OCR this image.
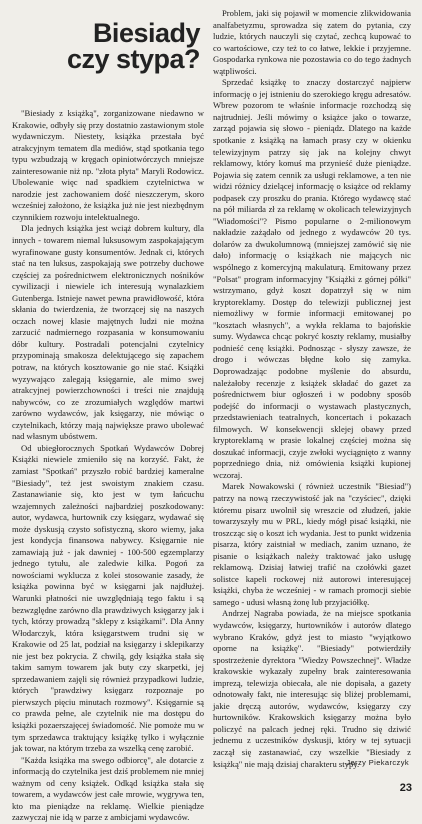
Biesiady
czy stypa?

"Biesiady z książką", zorganizowane niedawno w Krakowie, odbyły się przy dostatnio zastawionym stole wydawniczym. Niestety, książka przestała być atrakcyjnym tematem dla mediów, stąd spotkania tego typu wzbudzają w kręgach opiniotwórczych mniejsze zainteresowanie niż np. "złota płyta" Maryli Rodowicz. Ubolewanie więc nad spadkiem czytelnictwa w narodzie jest zachowaniem dość nieszczerym, skoro wcześniej założono, że książka już nie jest niezbędnym czynnikiem rozwoju intelektualnego.

Dla jednych książka jest wciąż dobrem kultury, dla innych - towarem niemal luksusowym zaspokajającym wyrafinowane gusty konsumentów. Jednak ci, których stać na ten luksus, zaspokajają swe potrzeby duchowe częściej za pośrednictwem elektronicznych nośników cywilizacji i niewiele ich interesują wynalazkiem Gutenberga. Istnieje nawet pewna prawidłowość, która skłania do twierdzenia, że tworzącej się na naszych oczach nowej klasie majętnych ludzi nie można zarzucić nadmiernego rozpasania w konsumowaniu dóbr kultury. Postradali potencjalni czytelnicy przypominają smakosza delektującego się zapachem potraw, na których kosztowanie go nie stać. Książki wyzywająco zalegają księgarnie, ale mimo swej atrakcyjnej powierzchowności i treści nie znajdują nabywców, co ze zrozumiałych względów martwi zarówno wydawców, jak księgarzy, nie mówiąc o czytelnikach, którzy mają największe prawo ubolewać nad własnym ubóstwem.

Od ubiegłorocznych Spotkań Wydawców Dobrej Książki niewiele zmieniło się na korzyść. Fakt, że zamiast "Spotkań" przyszło robić bardziej kameralne "Biesiady", też jest swoistym znakiem czasu. Zastanawianie się, kto jest w tym łańcuchu wzajemnych zależności najbardziej poszkodowany: autor, wydawca, hurtownik czy księgarz, wydawać się może dyskusją czysto sofistyczną, skoro wiemy, jaka jest kondycja finansowa nabywcy. Księgarnie nie zamawiają już - jak dawniej - 100-500 egzemplarzy jednego tytułu, ale zaledwie kilka. Pogoń za nowościami wyklucza z kolei stosowanie zasady, że książka powinna być w księgarni jak najdłużej. Warunki płatności nie uwzględniają tego faktu i są bezwzględne zarówno dla prawdziwych księgarzy jak i tych, którzy prowadzą "sklepy z książkami". Dla Anny Włodarczyk, która księgarstwem trudni się w Krakowie od 25 lat, podział na księgarzy i sklepikarzy nie jest bez pokrycia. Z chwilą, gdy książka stała się takim samym towarem jak buty czy skarpetki, jej sprzedawaniem zajęli się również przypadkowi ludzie, których "prawdziwy księgarz rozpoznaje po pierwszych pięciu minutach rozmowy". Księgarnie są co prawda pełne, ale czytelnik nie ma dostępu do książki pozaerszajęcej świadomość. Nie pomoże mu w tym sprzedawca traktujący książkę tylko i wyłącznie jak towar, na którym trzeba za wszelką cenę zarobić.

"Każda książka ma swego odbiorcę", ale dotarcie z informacją do czytelnika jest dziś problemem nie mniej ważnym od ceny książek. Odkąd książka stała się towarem, a wydawców jest całe mrowie, wygrywa ten, kto ma pieniądze na reklamę. Wielkie pieniądze zazwyczaj nie idą w parze z ambicjami wydawców.

Problem, jaki się pojawił w momencie zlikwidowania analfabetyzmu, sprowadza się zatem do pytania, czy ludzie, których nauczyli się czytać, zechcą kupować to co wartościowe, czy też to co łatwe, lekkie i przyjemne. Gospodarka rynkowa nie pozostawia co do tego żadnych wątpliwości.

Sprzedać książkę to znaczy dostarczyć najpierw informację o jej istnieniu do szerokiego kręgu adresatów. Wbrew pozorom te właśnie informacje rozchodzą się najtrudniej. Jeśli mówimy o książce jako o towarze, zarząd pojawia się słowo - pieniądz. Dlatego na każde spotkanie z książką na łamach prasy czy w okienku telewizyjnym patrzy się jak na kolejny chwyt reklamowy, który komuś ma przynieść duże pieniądze. Pojawia się zatem cennik za usługi reklamowe, a ten nie widzi różnicy dzielącej informację o książce od reklamy podpasek czy proszku do prania. Którego wydawcę stać na pół miliarda zł za reklamę w okolicach telewizyjnych "Wiadomości"? Pismo popularne o 2-milionowym nakładzie zażądało od jednego z wydawców 20 tys. dolarów za dwukolumnową (mniejszej zamówić się nie dało) informację o książkach nie mających nic wspólnego z komercyjną makulaturą. Emitowany przez "Polsat" program informacyjny "Książki z górnej półki" wstrzymano, gdyż koszt dopatrzył się w nim kryptoreklamy. Dostęp do telewizji publicznej jest niemożliwy w formie informacji emitowanej po "kosztach własnych", a wykła reklama to bajońskie sumy. Wydawca chcąc pokryć koszty reklamy, musiałby podnieść cenę książki. Podnosząc - słyszy zawsze, że drogo i wówczas błędne koło się zamyka. Doprowadzając podobne myślenie do absurdu, należałoby recenzje z książek składać do gazet za pośrednictwem biur ogłoszeń i w podobny sposób podejść do informacji o wystawach plastycznych, przedstawieniach teatralnych, koncertach i pokazach filmowych. W konsekwencji sklejej obawy przed kryptoreklamą w prasie lokalnej częściej można się doszukać informacji, czyje zwłoki wyciągnięto z wanny poprzedniego dnia, niż omówienia książki kupionej wczoraj.

Marek Nowakowski ( również uczestnik "Biesiad") patrzy na nową rzeczywistość jak na "czyściec", dzięki któremu pisarz uwolnił się wreszcie od złudzeń, jakie towarzyszyły mu w PRL, kiedy mógł pisać książki, nie troszcząc się o koszt ich wydania. Jest to punkt widzenia pisarza, który zaistniał w mediach, zanim uznano, że pisanie o książkach należy traktować jako usługę reklamową. Dzisiaj łatwiej trafić na czołówki gazet solistce kapeli rockowej niż autorowi interesującej książki, chyba że wcześniej - w ramach promocji siebie samego - udusi własną żonę lub przyjaciółkę.

Andrzej Nagraba powiada, że na miejsce spotkania wydawców, księgarzy, hurtowników i autorów dlatego wybrano Kraków, gdyż jest to miasto "wyjątkowo oporne na książkę". "Biesiady" potwierdziły spostrzeżenie dyrektora "Wiedzy Powszechnej". Władze krakowskie wykazały zupełny brak zainteresowania imprezą, telewizja obiecała, ale nie dopisała, a gazety odnotowały fakt, nie interesując się bliżej problemami, jakie dręczą autorów, wydawców, księgarzy czy hurtowników. Krakowskich księgarzy można było policzyć na palcach jednej ręki. Trudno się dziwić jednemu z uczestników dyskusji, który w tej sytuacji zaczął się zastanawiać, czy wszelkie "Biesiady z książką" nie mają dzisiaj charakteru stypy.

Jerzy Piekarczyk
23
